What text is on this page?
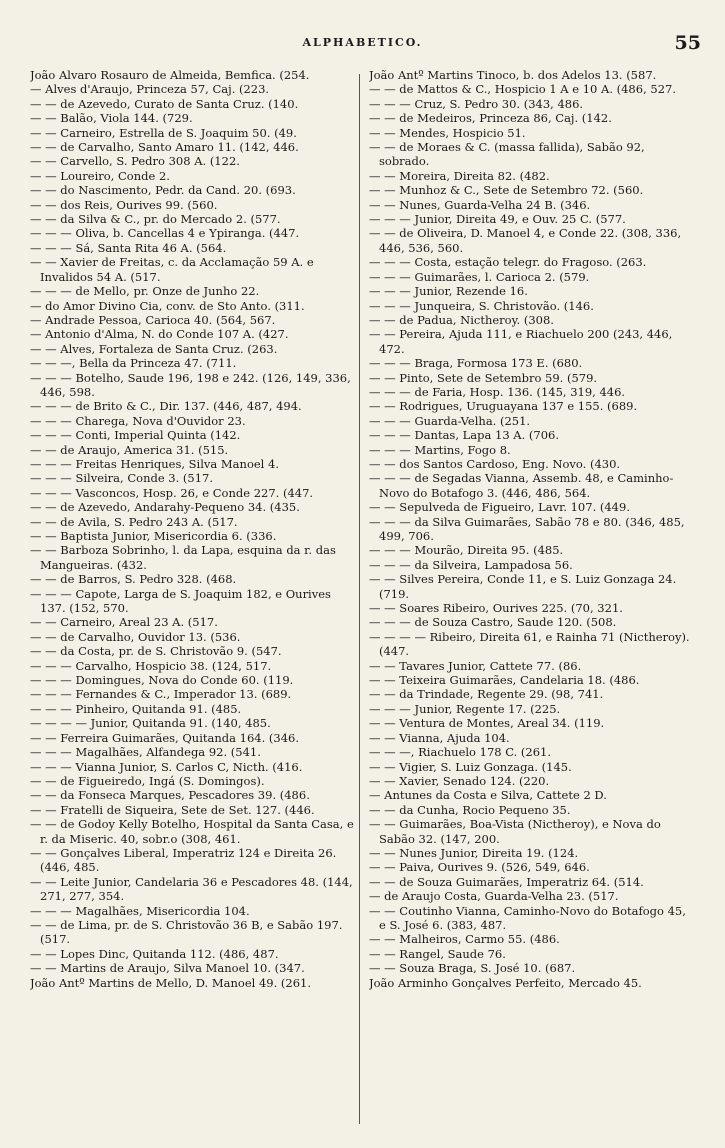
ALPHABETICO.	55

João Alvaro Rosauro de Almeida, Bemfica. (254.

— Alves d'Araujo, Princeza 57, Caj. (223.

— — de Azevedo, Curato de Santa Cruz. (140.

— — Balão, Viola 144. (729.

— — Carneiro, Estrella de S. Joaquim 50. (49.

— — de Carvalho, Santo Amaro 11. (142, 446.

— — Carvello, S. Pedro 308 A. (122.

— — Loureiro, Conde 2.

— — do Nascimento, Pedr. da Cand. 20. (693.

— — dos Reis, Ourives 99. (560.

— — da Silva & C., pr. do Mercado 2. (577.

— — — Oliva, b. Cancellas 4 e Ypiranga. (447.

— — — Sá, Santa Rita 46 A. (564.

— — Xavier de Freitas, c. da Acclamação 59 A. e Invalidos 54 A. (517.

— — — de Mello, pr. Onze de Junho 22.

— do Amor Divino Cia, conv. de Sto Anto. (311.

— Andrade Pessoa, Carioca 40. (564, 567.

— Antonio d'Alma, N. do Conde 107 A. (427.

— — Alves, Fortaleza de Santa Cruz. (263.

— — —, Bella da Princeza 47. (711.

— — — Botelho, Saude 196, 198 e 242. (126, 149, 336, 446, 598.

— — — de Brito & C., Dir. 137. (446, 487, 494.

— — — Charega, Nova d'Ouvidor 23.

— — — Conti, Imperial Quinta (142.

— — de Araujo, America 31. (515.

— — — Freitas Henriques, Silva Manoel 4.

— — — Silveira, Conde 3. (517.

— — — Vasconcos, Hosp. 26, e Conde 227. (447.

— — de Azevedo, Andarahy-Pequeno 34. (435.

— — de Avila, S. Pedro 243 A. (517.

— — Baptista Junior, Misericordia 6. (336.

— — Barboza Sobrinho, l. da Lapa, esquina da r. das Mangueiras. (432.

— — de Barros, S. Pedro 328. (468.

— — — Capote, Larga de S. Joaquim 182, e Ourives 137. (152, 570.

— — Carneiro, Areal 23 A. (517.

— — de Carvalho, Ouvidor 13. (536.

— — da Costa, pr. de S. Christovão 9. (547.

— — — Carvalho, Hospicio 38. (124, 517.

— — — Domingues, Nova do Conde 60. (119.

— — — Fernandes & C., Imperador 13. (689.

— — — Pinheiro, Quitanda 91. (485.

— — — — Junior, Quitanda 91. (140, 485.

— — Ferreira Guimarães, Quitanda 164. (346.

— — — Magalhães, Alfandega 92. (541.

— — — Vianna Junior, S. Carlos C, Nicth. (416.

— — de Figueiredo, Ingá (S. Domingos).

— — da Fonseca Marques, Pescadores 39. (486.

— — Fratelli de Siqueira, Sete de Set. 127. (446.

— — de Godoy Kelly Botelho, Hospital da Santa Casa, e r. da Miseric. 40, sobr.o (308, 461.

— — Gonçalves Liberal, Imperatriz 124 e Direita 26. (446, 485.

— — Leite Junior, Candelaria 36 e Pescadores 48. (144, 271, 277, 354.

— — — Magalhães, Misericordia 104.

— — de Lima, pr. de S. Christovão 36 B, e Sabão 197. (517.

— — Lopes Dinc, Quitanda 112. (486, 487.

— — Martins de Araujo, Silva Manoel 10. (347.

João Antº Martins de Mello, D. Manoel 49. (261.

João Antº Martins Tinoco, b. dos Adelos 13. (587.

— — de Mattos & C., Hospicio 1 A e 10 A. (486, 527.

— — — Cruz, S. Pedro 30. (343, 486.

— — de Medeiros, Princeza 86, Caj. (142.

— — Mendes, Hospicio 51.

— — de Moraes & C. (massa fallida), Sabão 92, sobrado.

— — Moreira, Direita 82. (482.

— — Munhoz & C., Sete de Setembro 72. (560.

— — Nunes, Guarda-Velha 24 B. (346.

— — — Junior, Direita 49, e Ouv. 25 C. (577.

— — de Oliveira, D. Manoel 4, e Conde 22. (308, 336, 446, 536, 560.

— — — Costa, estação telegr. do Fragoso. (263.

— — — Guimarães, l. Carioca 2. (579.

— — — Junior, Rezende 16.

— — — Junqueira, S. Christovão. (146.

— — de Padua, Nictheroy. (308.

— — Pereira, Ajuda 111, e Riachuelo 200 (243, 446, 472.

— — — Braga, Formosa 173 E. (680.

— — Pinto, Sete de Setembro 59. (579.

— — — de Faria, Hosp. 136. (145, 319, 446.

— — Rodrigues, Uruguayana 137 e 155. (689.

— — — Guarda-Velha. (251.

— — — Dantas, Lapa 13 A. (706.

— — — Martins, Fogo 8.

— — dos Santos Cardoso, Eng. Novo. (430.

— — — de Segadas Vianna, Assemb. 48, e Caminho-Novo do Botafogo 3. (446, 486, 564.

— — Sepulveda de Figueiro, Lavr. 107. (449.

— — — da Silva Guimarães, Sabão 78 e 80. (346, 485, 499, 706.

— — — Mourão, Direita 95. (485.

— — — da Silveira, Lampadosa 56.

— — Silves Pereira, Conde 11, e S. Luiz Gonzaga 24. (719.

— — Soares Ribeiro, Ourives 225. (70, 321.

— — — de Souza Castro, Saude 120. (508.

— — — — Ribeiro, Direita 61, e Rainha 71 (Nictheroy). (447.

— — Tavares Junior, Cattete 77. (86.

— — Teixeira Guimarães, Candelaria 18. (486.

— — da Trindade, Regente 29. (98, 741.

— — — Junior, Regente 17. (225.

— — Ventura de Montes, Areal 34. (119.

— — Vianna, Ajuda 104.

— — —, Riachuelo 178 C. (261.

— — Vigier, S. Luiz Gonzaga. (145.

— — Xavier, Senado 124. (220.

— Antunes da Costa e Silva, Cattete 2 D.

— — da Cunha, Rocio Pequeno 35.

— — Guimarães, Boa-Vista (Nictheroy), e Nova do Sabão 32. (147, 200.

— — Nunes Junior, Direita 19. (124.

— — Paiva, Ourives 9. (526, 549, 646.

— — de Souza Guimarães, Imperatriz 64. (514.

— de Araujo Costa, Guarda-Velha 23. (517.

— — Coutinho Vianna, Caminho-Novo do Botafogo 45, e S. José 6. (383, 487.

— — Malheiros, Carmo 55. (486.

— — Rangel, Saude 76.

— — Souza Braga, S. José 10. (687.

João Arminho Gonçalves Perfeito, Mercado 45.
